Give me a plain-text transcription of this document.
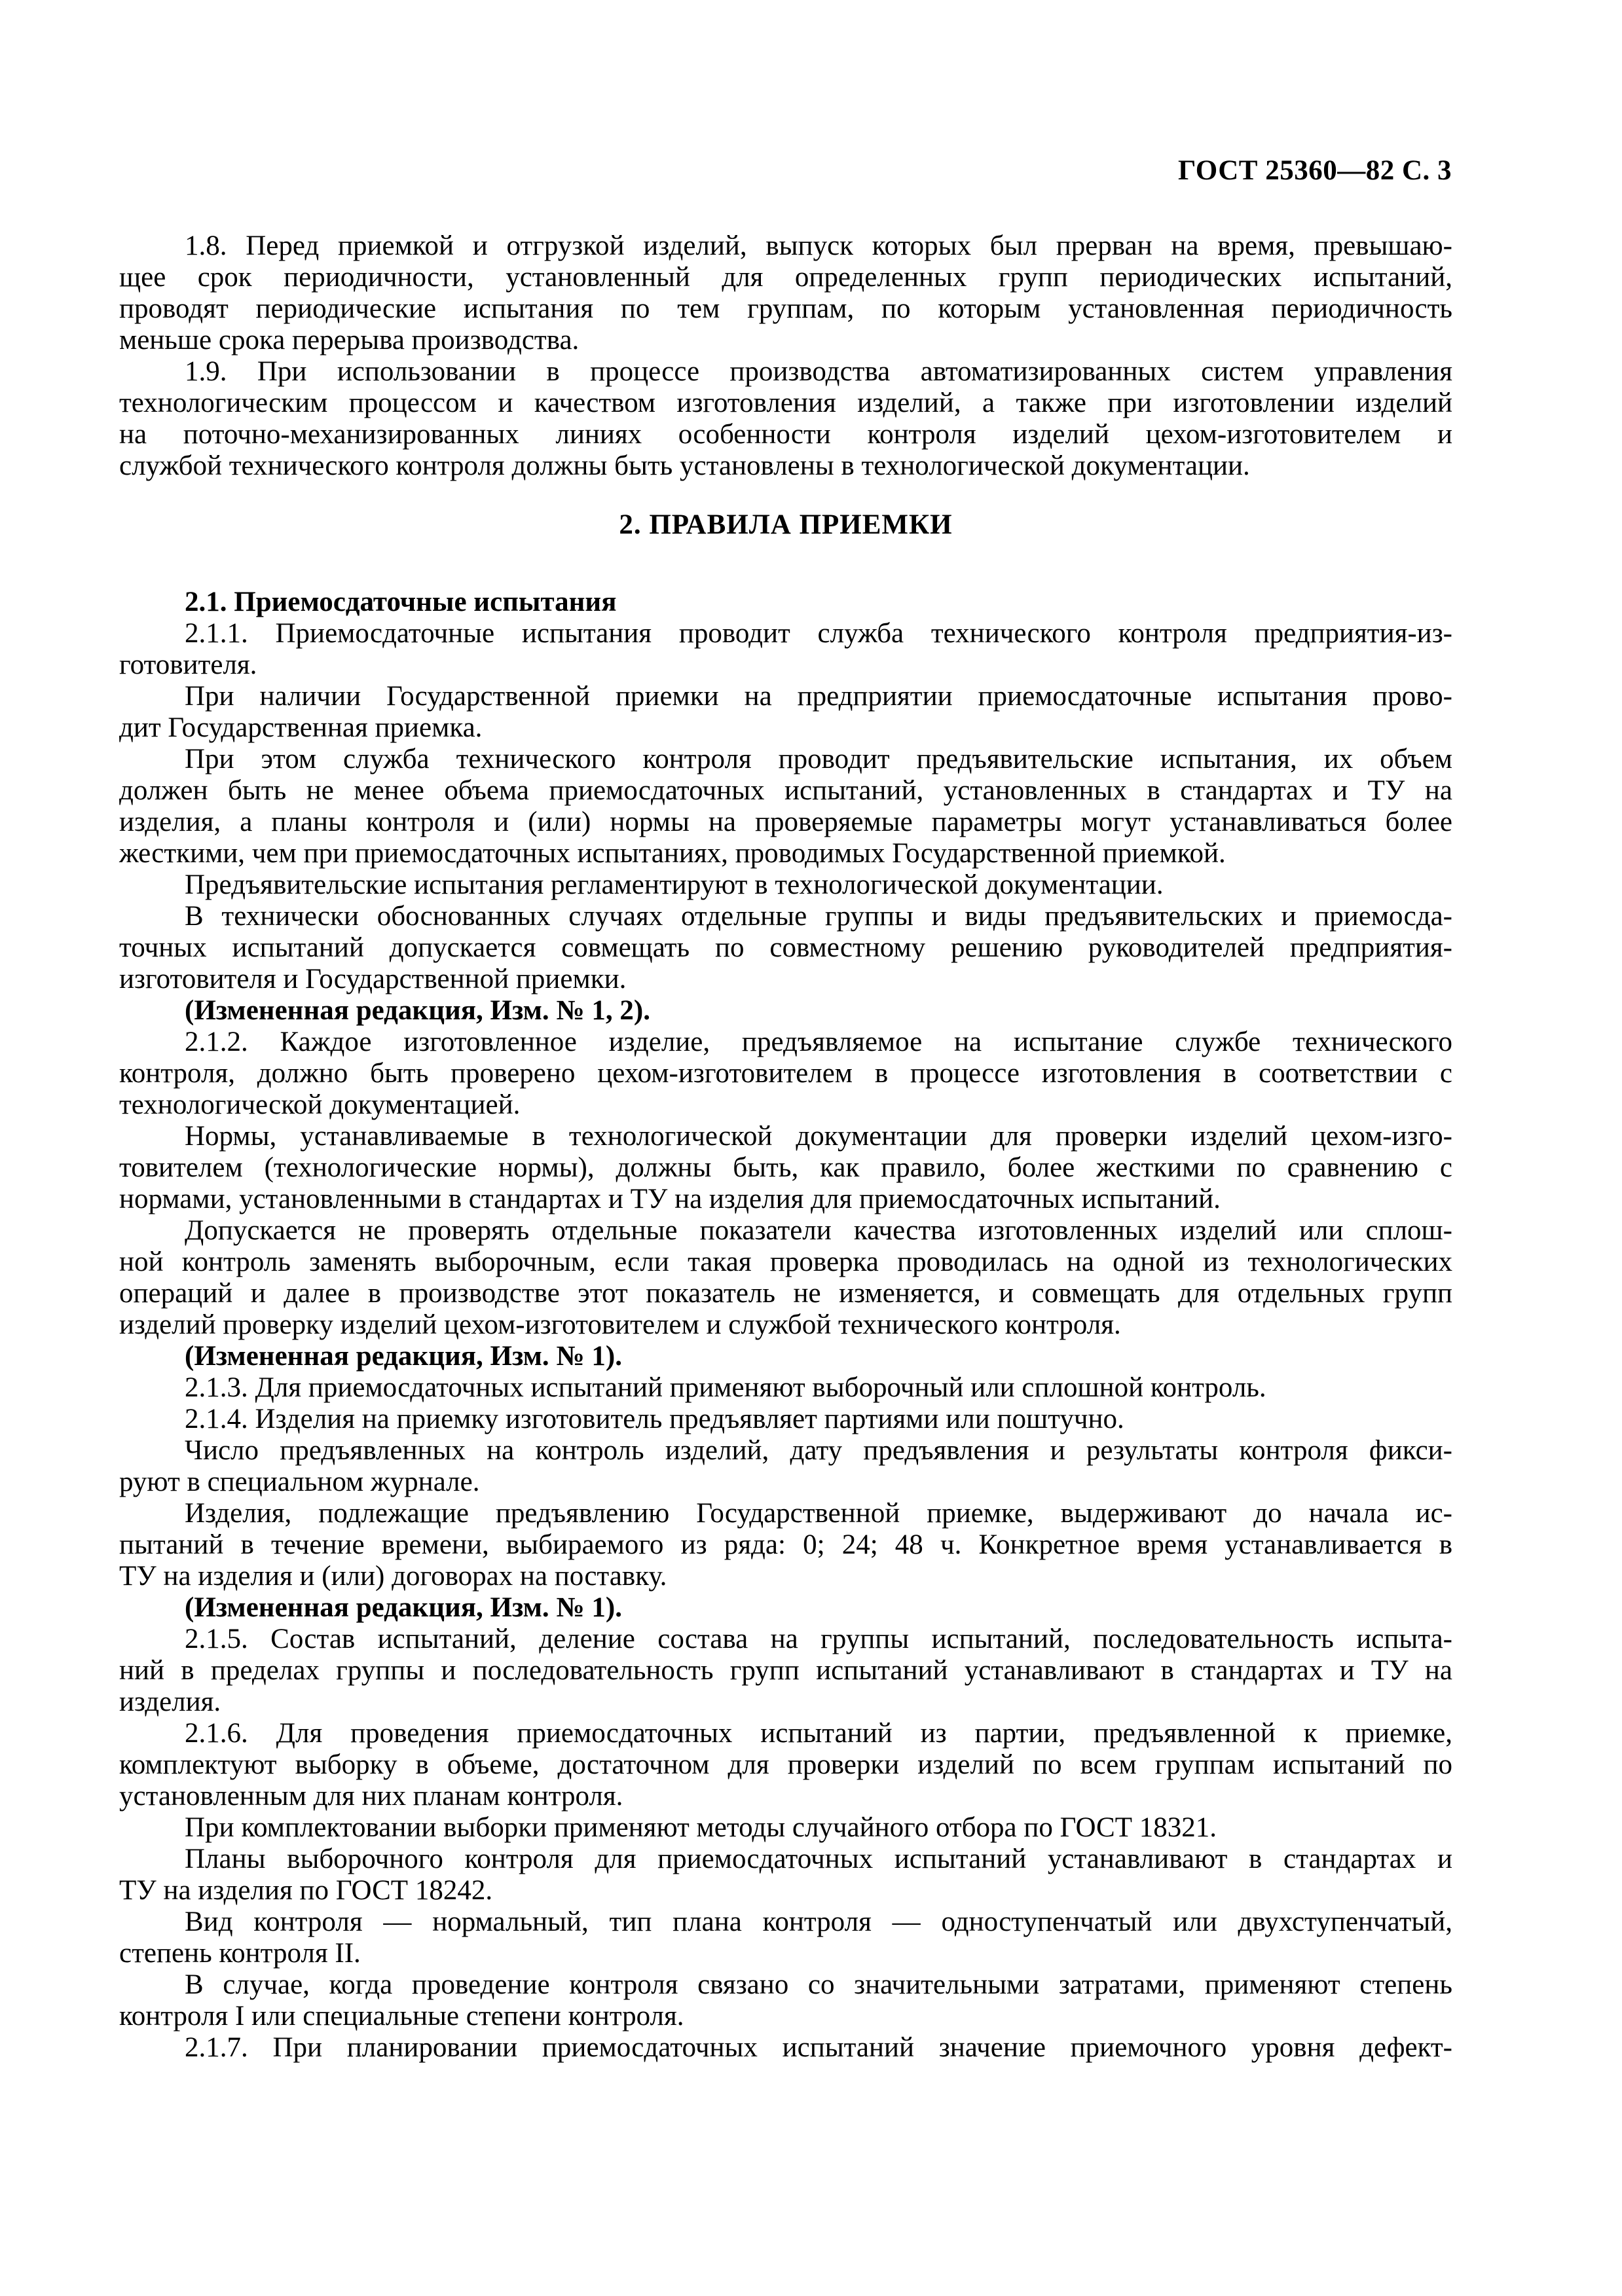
ГОСТ 25360—82 С. 3
1.8. Перед приемкой и отгрузкой изделий, выпуск которых был прерван на время, превышаю-
щее срок периодичности, установленный для определенных групп периодических испытаний,
проводят периодические испытания по тем группам, по которым установленная периодичность
меньше срока перерыва производства.
1.9. При использовании в процессе производства автоматизированных систем управления
технологическим процессом и качеством изготовления изделий, а также при изготовлении изделий
на поточно-механизированных линиях особенности контроля изделий цехом-изготовителем и
службой технического контроля должны быть установлены в технологической документации.
2. ПРАВИЛА ПРИЕМКИ
2.1. Приемосдаточные испытания
2.1.1. Приемосдаточные испытания проводит служба технического контроля предприятия-из-
готовителя.
При наличии Государственной приемки на предприятии приемосдаточные испытания прово-
дит Государственная приемка.
При этом служба технического контроля проводит предъявительские испытания, их объем
должен быть не менее объема приемосдаточных испытаний, установленных в стандартах и ТУ на
изделия, а планы контроля и (или) нормы на проверяемые параметры могут устанавливаться более
жесткими, чем при приемосдаточных испытаниях, проводимых Государственной приемкой.
Предъявительские испытания регламентируют в технологической документации.
В технически обоснованных случаях отдельные группы и виды предъявительских и приемосда-
точных испытаний допускается совмещать по совместному решению руководителей предприятия-
изготовителя и Государственной приемки.
(Измененная редакция, Изм. № 1, 2).
2.1.2. Каждое изготовленное изделие, предъявляемое на испытание службе технического
контроля, должно быть проверено цехом-изготовителем в процессе изготовления в соответствии с
технологической документацией.
Нормы, устанавливаемые в технологической документации для проверки изделий цехом-изго-
товителем (технологические нормы), должны быть, как правило, более жесткими по сравнению с
нормами, установленными в стандартах и ТУ на изделия для приемосдаточных испытаний.
Допускается не проверять отдельные показатели качества изготовленных изделий или сплош-
ной контроль заменять выборочным, если такая проверка проводилась на одной из технологических
операций и далее в производстве этот показатель не изменяется, и совмещать для отдельных групп
изделий проверку изделий цехом-изготовителем и службой технического контроля.
(Измененная редакция, Изм. № 1).
2.1.3. Для приемосдаточных испытаний применяют выборочный или сплошной контроль.
2.1.4. Изделия на приемку изготовитель предъявляет партиями или поштучно.
Число предъявленных на контроль изделий, дату предъявления и результаты контроля фикси-
руют в специальном журнале.
Изделия, подлежащие предъявлению Государственной приемке, выдерживают до начала ис-
пытаний в течение времени, выбираемого из ряда: 0; 24; 48 ч. Конкретное время устанавливается в
ТУ на изделия и (или) договорах на поставку.
(Измененная редакция, Изм. № 1).
2.1.5. Состав испытаний, деление состава на группы испытаний, последовательность испыта-
ний в пределах группы и последовательность групп испытаний устанавливают в стандартах и ТУ на
изделия.
2.1.6. Для проведения приемосдаточных испытаний из партии, предъявленной к приемке,
комплектуют выборку в объеме, достаточном для проверки изделий по всем группам испытаний по
установленным для них планам контроля.
При комплектовании выборки применяют методы случайного отбора по ГОСТ 18321.
Планы выборочного контроля для приемосдаточных испытаний устанавливают в стандартах и
ТУ на изделия по ГОСТ 18242.
Вид контроля — нормальный, тип плана контроля — одноступенчатый или двухступенчатый,
степень контроля II.
В случае, когда проведение контроля связано со значительными затратами, применяют степень
контроля I или специальные степени контроля.
2.1.7. При планировании приемосдаточных испытаний значение приемочного уровня дефект-
